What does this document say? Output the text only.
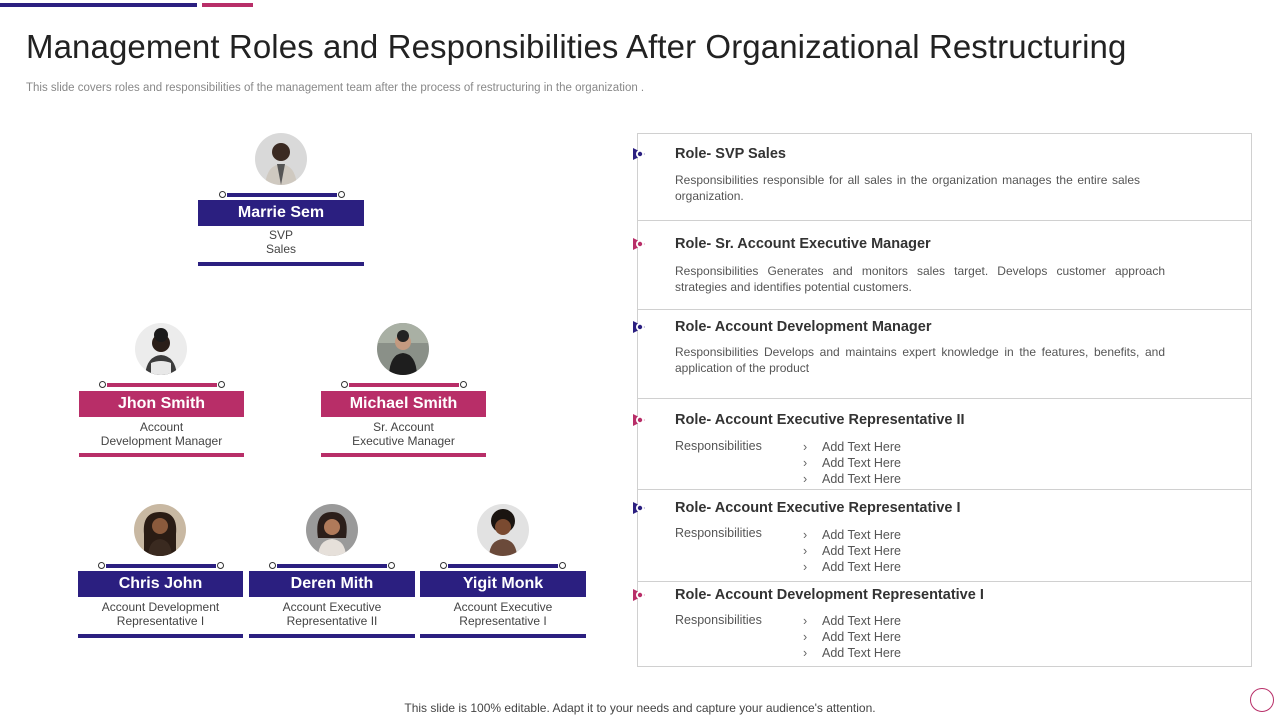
Management Roles and Responsibilities After Organizational Restructuring
This slide covers roles and responsibilities of the management team after the process of restructuring in the organization .
Marrie Sem
SVP
Sales
Jhon Smith
Account
Development Manager
Michael Smith
Sr. Account
Executive Manager
Chris John
Account Development
Representative I
Deren Mith
Account Executive
Representative II
Yigit Monk
Account Executive
Representative I
Role- SVP Sales
Responsibilities responsible for all sales in the organization manages the entire sales organization.
Role- Sr. Account Executive Manager
Responsibilities Generates and monitors sales target. Develops customer approach strategies and identifies potential customers.
Role- Account Development Manager
Responsibilities Develops and maintains expert knowledge in the features, benefits, and application of the product
Role- Account Executive Representative II
Responsibilities	› Add Text Here
› Add Text Here
› Add Text Here
Role- Account Executive Representative I
Responsibilities	› Add Text Here
› Add Text Here
› Add Text Here
Role- Account Development Representative I
Responsibilities	› Add Text Here
› Add Text Here
› Add Text Here
This slide is 100% editable. Adapt it to your needs and capture your audience's attention.
